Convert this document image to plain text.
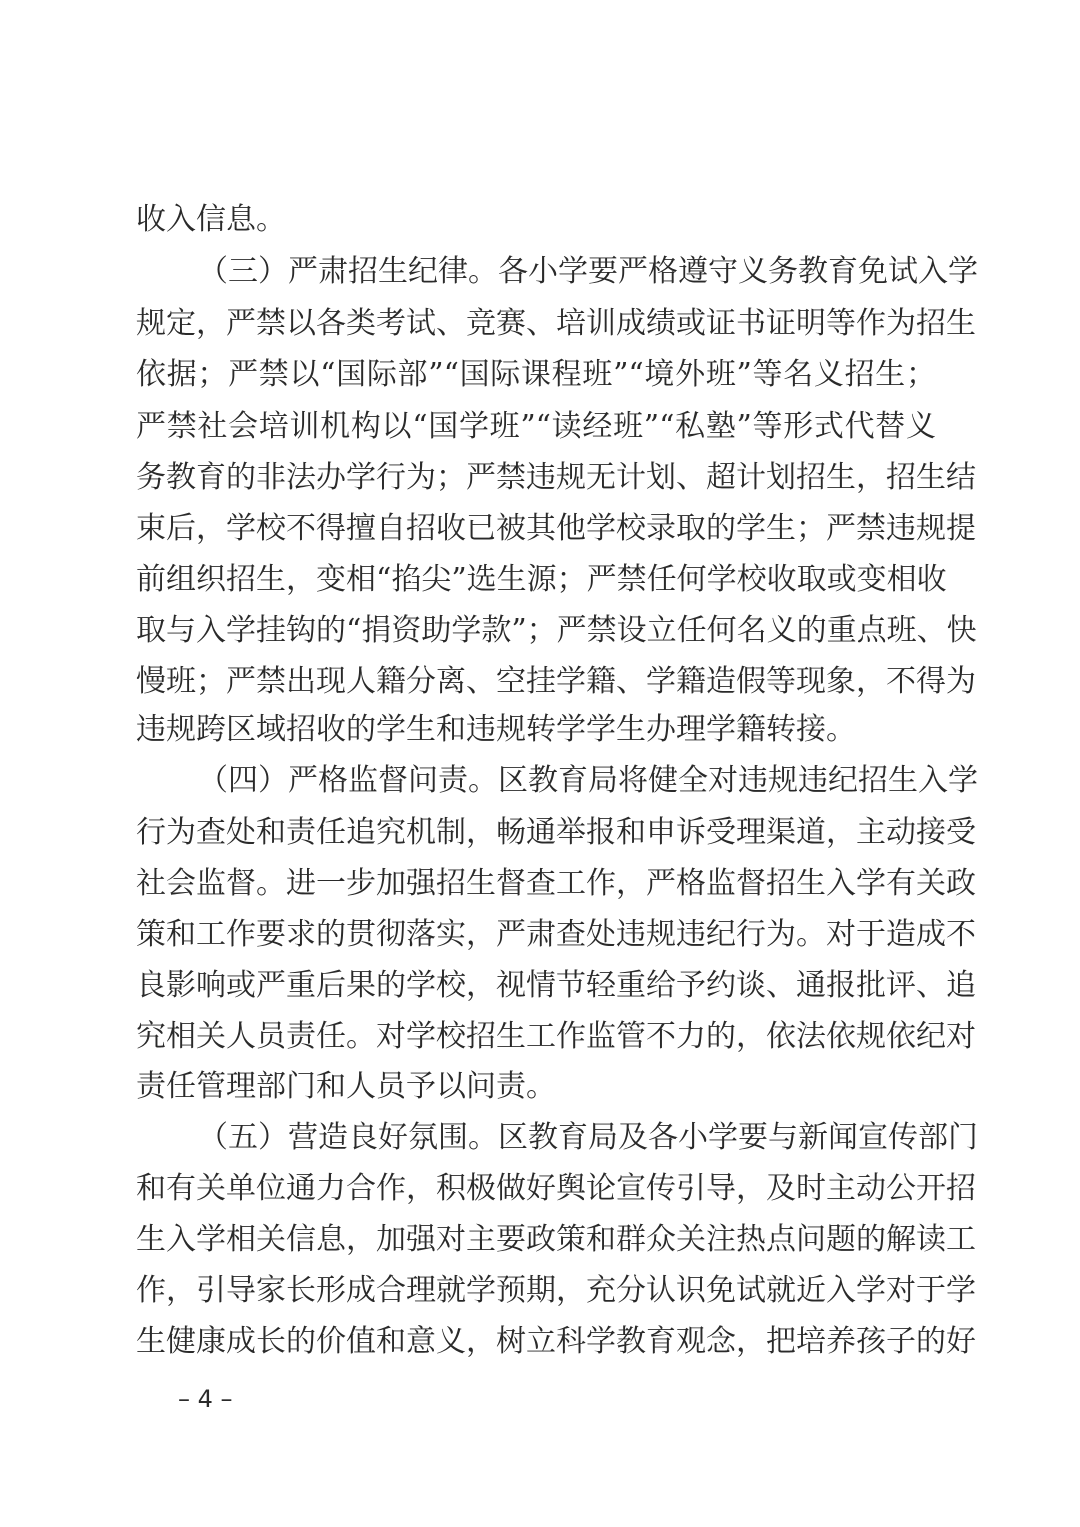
收入信息。
（三）严肃招生纪律。各小学要严格遵守义务教育免试入学
规定，严禁以各类考试、竞赛、培训成绩或证书证明等作为招生
依据；严禁以“国际部”“国际课程班”“境外班”等名义招生；
严禁社会培训机构以“国学班”“读经班”“私塾”等形式代替义
务教育的非法办学行为；严禁违规无计划、超计划招生，招生结
束后，学校不得擅自招收已被其他学校录取的学生；严禁违规提
前组织招生，变相“掐尖”选生源；严禁任何学校收取或变相收
取与入学挂钩的“捐资助学款”；严禁设立任何名义的重点班、快
慢班；严禁出现人籍分离、空挂学籍、学籍造假等现象，不得为
违规跨区域招收的学生和违规转学学生办理学籍转接。
（四）严格监督问责。区教育局将健全对违规违纪招生入学
行为查处和责任追究机制，畅通举报和申诉受理渠道，主动接受
社会监督。进一步加强招生督查工作，严格监督招生入学有关政
策和工作要求的贯彻落实，严肃查处违规违纪行为。对于造成不
良影响或严重后果的学校，视情节轻重给予约谈、通报批评、追
究相关人员责任。对学校招生工作监管不力的，依法依规依纪对
责任管理部门和人员予以问责。
（五）营造良好氛围。区教育局及各小学要与新闻宣传部门
和有关单位通力合作，积极做好舆论宣传引导，及时主动公开招
生入学相关信息，加强对主要政策和群众关注热点问题的解读工
作，引导家长形成合理就学预期，充分认识免试就近入学对于学
生健康成长的价值和意义，树立科学教育观念，把培养孩子的好
– 4 –
